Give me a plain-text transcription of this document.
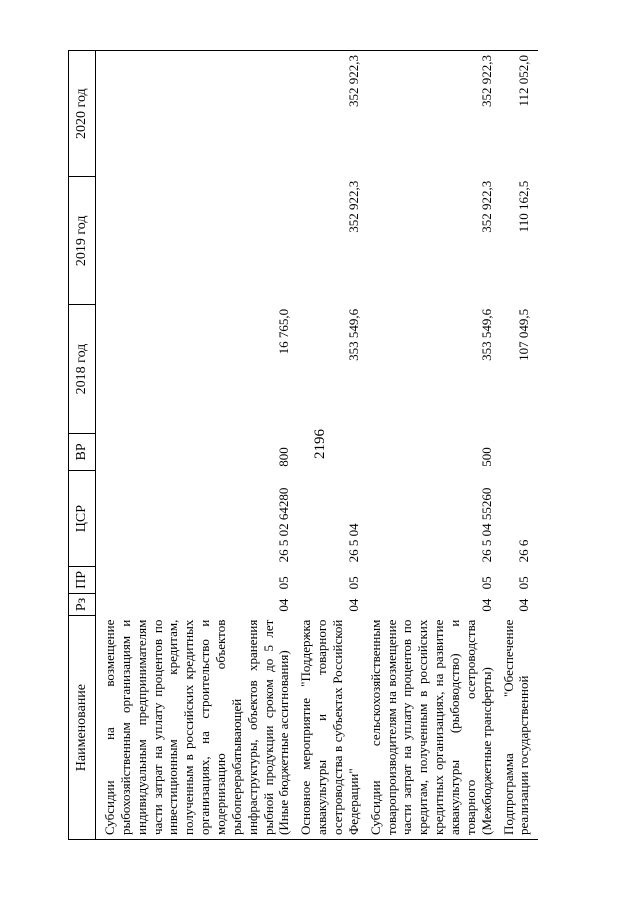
2196
Наименование	Рз	ПР	ЦСР	ВР	2018 год	2019 год	2020 год
Субсидии на возмещение рыбохозяйственным организациям и индивидуальным предпринимателям части затрат на уплату процентов по инвестиционным кредитам, полученным в российских кредитных организациях, на строительство и модернизацию объектов рыбоперерабатывающей инфраструктуры, объектов хранения рыбной продукции сроком до 5 лет (Иные бюджетные ассигнования)	04	05	26 5 02 64280	800	16 765,0		
Основное мероприятие "Поддержка аквакультуры и товарного осетроводства в субъектах Российской Федерации"	04	05	26 5 04		353 549,6	352 922,3	352 922,3
Субсидии сельскохозяйственным товаропроизводителям на возмещение части затрат на уплату процентов по кредитам, полученным в российских кредитных организациях, на развитие аквакультуры (рыбоводство) и товарного осетроводства (Межбюджетные трансферты)	04	05	26 5 04 55260	500	353 549,6	352 922,3	352 922,3
Подпрограмма "Обеспечение реализации государственной	04	05	26 6		107 049,5	110 162,5	112 052,0
